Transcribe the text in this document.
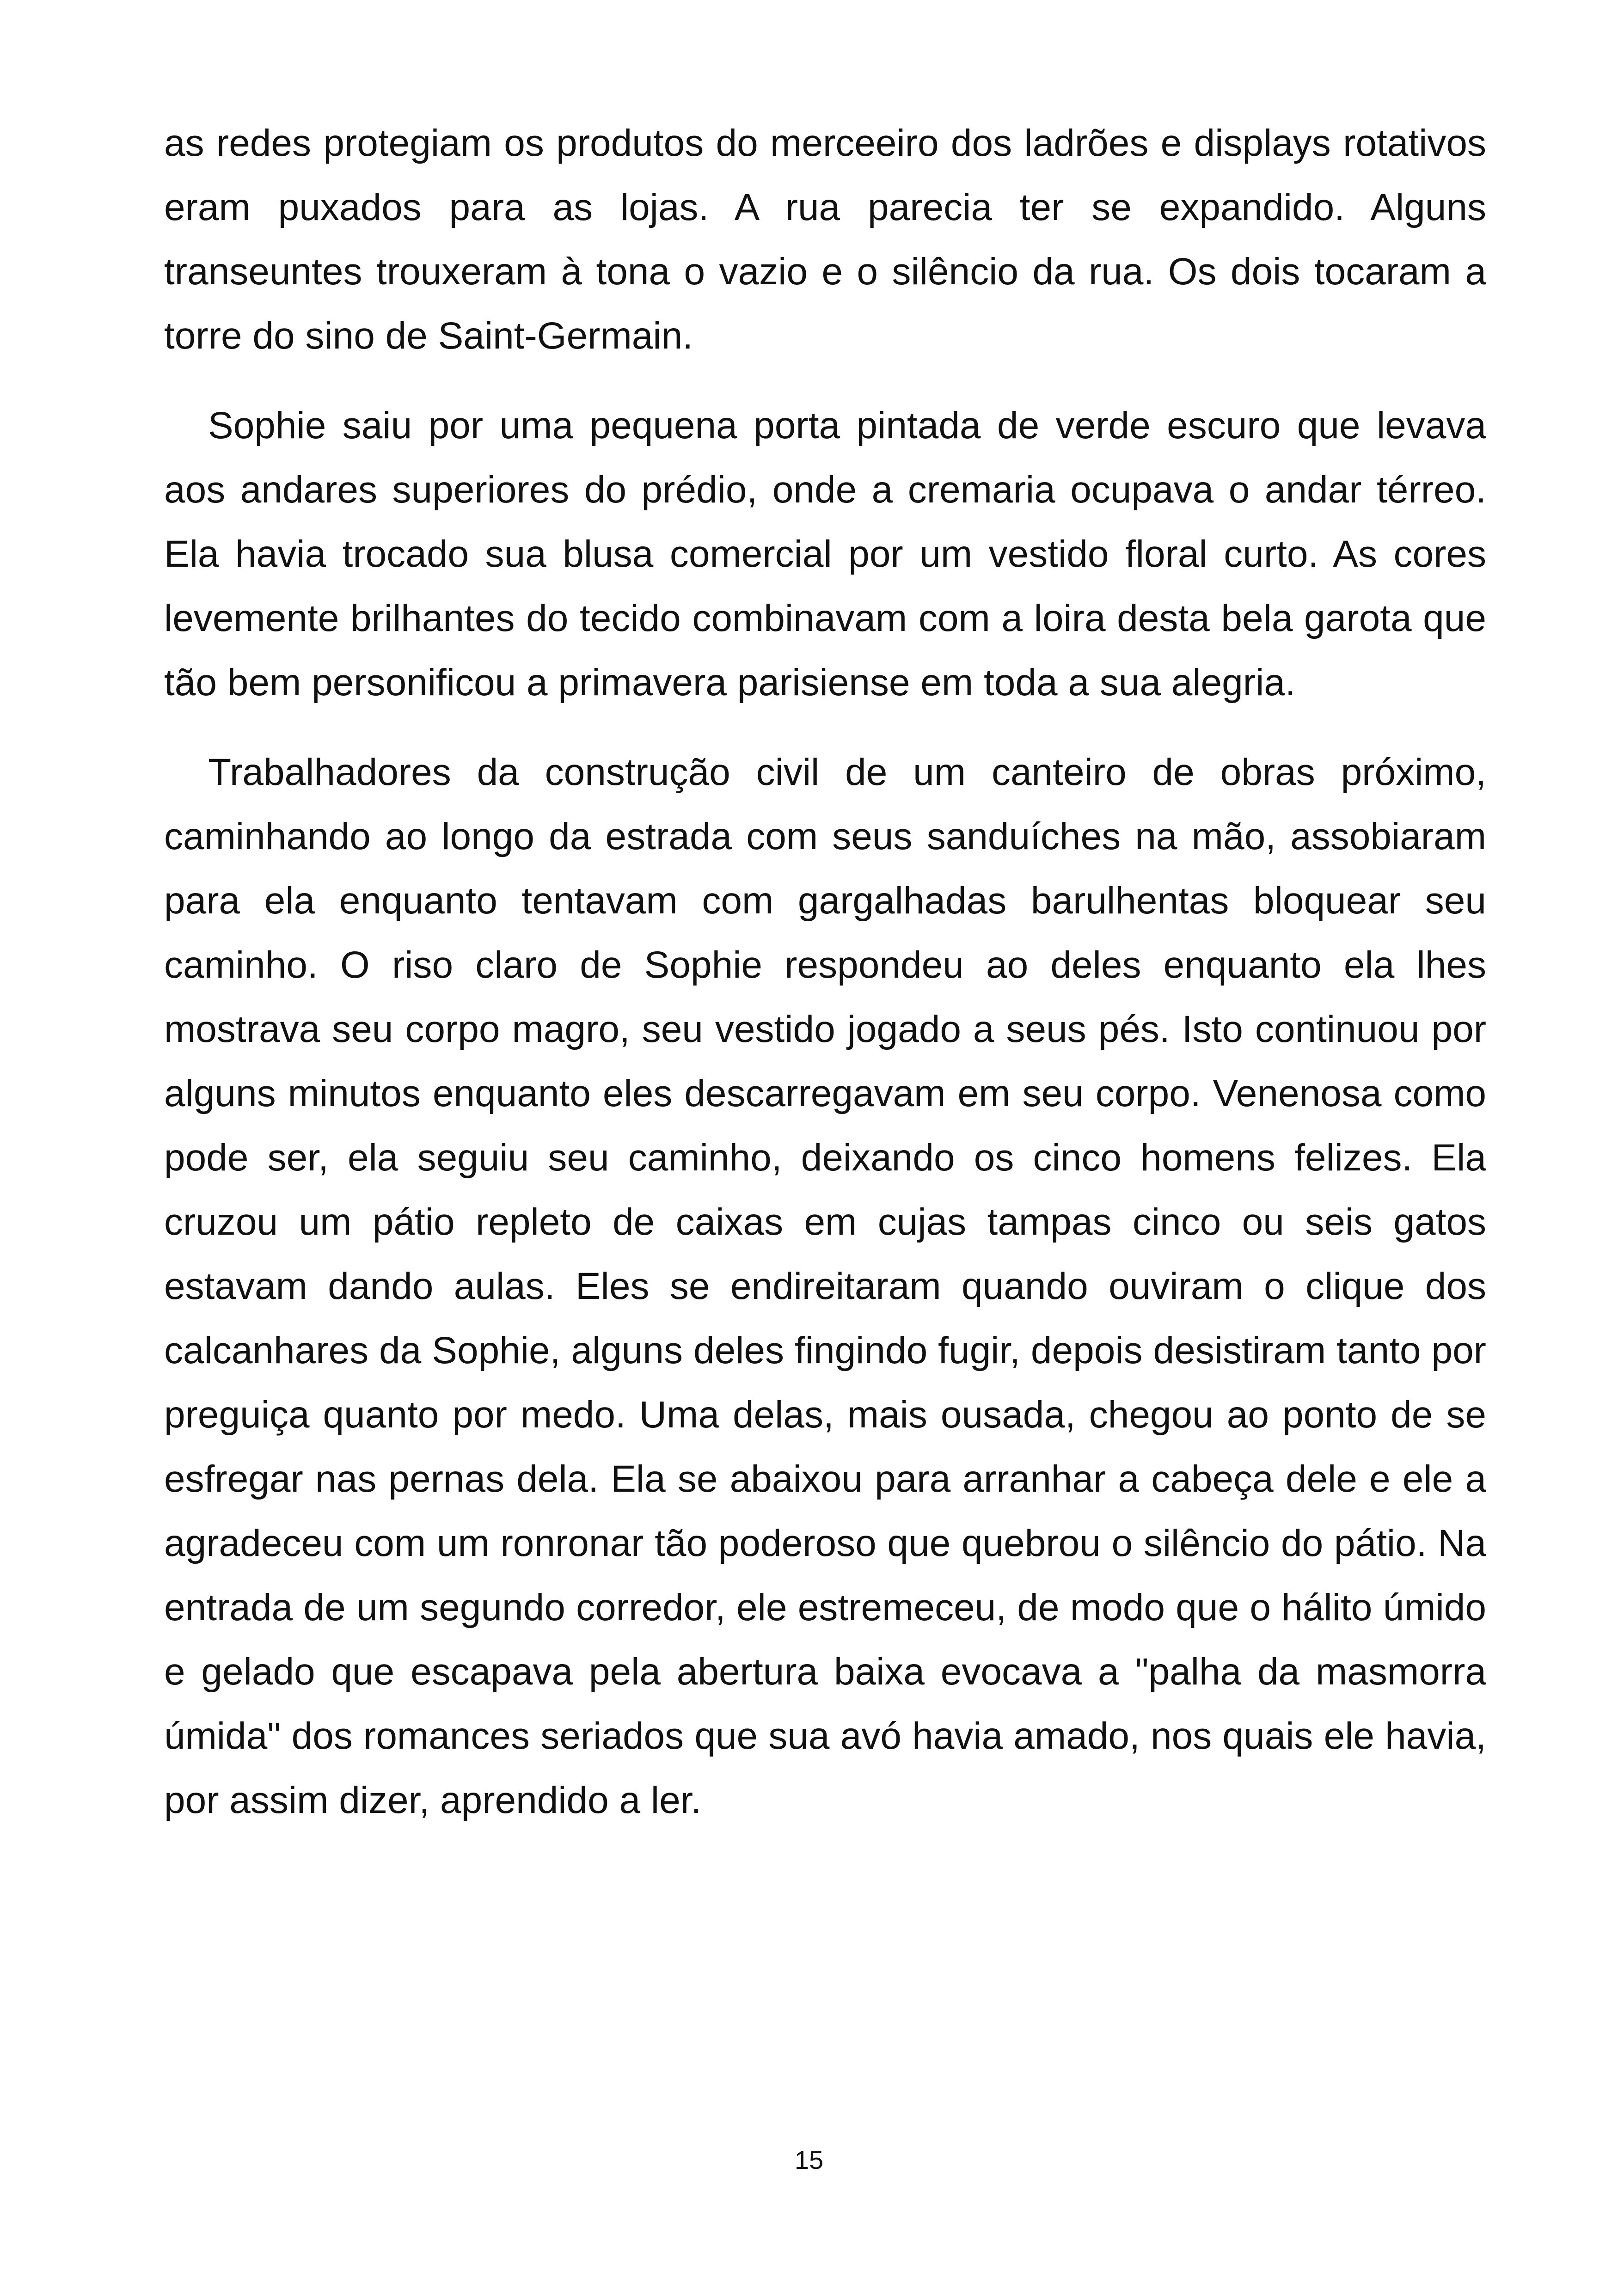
as redes protegiam os produtos do merceeiro dos ladrões e displays rotativos eram puxados para as lojas. A rua parecia ter se expandido. Alguns transeuntes trouxeram à tona o vazio e o silêncio da rua. Os dois tocaram a torre do sino de Saint-Germain.

Sophie saiu por uma pequena porta pintada de verde escuro que levava aos andares superiores do prédio, onde a cremaria ocupava o andar térreo. Ela havia trocado sua blusa comercial por um vestido floral curto. As cores levemente brilhantes do tecido combinavam com a loira desta bela garota que tão bem personificou a primavera parisiense em toda a sua alegria.

Trabalhadores da construção civil de um canteiro de obras próximo, caminhando ao longo da estrada com seus sanduíches na mão, assobiaram para ela enquanto tentavam com gargalhadas barulhentas bloquear seu caminho. O riso claro de Sophie respondeu ao deles enquanto ela lhes mostrava seu corpo magro, seu vestido jogado a seus pés. Isto continuou por alguns minutos enquanto eles descarregavam em seu corpo. Venenosa como pode ser, ela seguiu seu caminho, deixando os cinco homens felizes. Ela cruzou um pátio repleto de caixas em cujas tampas cinco ou seis gatos estavam dando aulas. Eles se endireitaram quando ouviram o clique dos calcanhares da Sophie, alguns deles fingindo fugir, depois desistiram tanto por preguiça quanto por medo. Uma delas, mais ousada, chegou ao ponto de se esfregar nas pernas dela. Ela se abaixou para arranhar a cabeça dele e ele a agradeceu com um ronronar tão poderoso que quebrou o silêncio do pátio. Na entrada de um segundo corredor, ele estremeceu, de modo que o hálito úmido e gelado que escapava pela abertura baixa evocava a "palha da masmorra úmida" dos romances seriados que sua avó havia amado, nos quais ele havia, por assim dizer, aprendido a ler.

15
